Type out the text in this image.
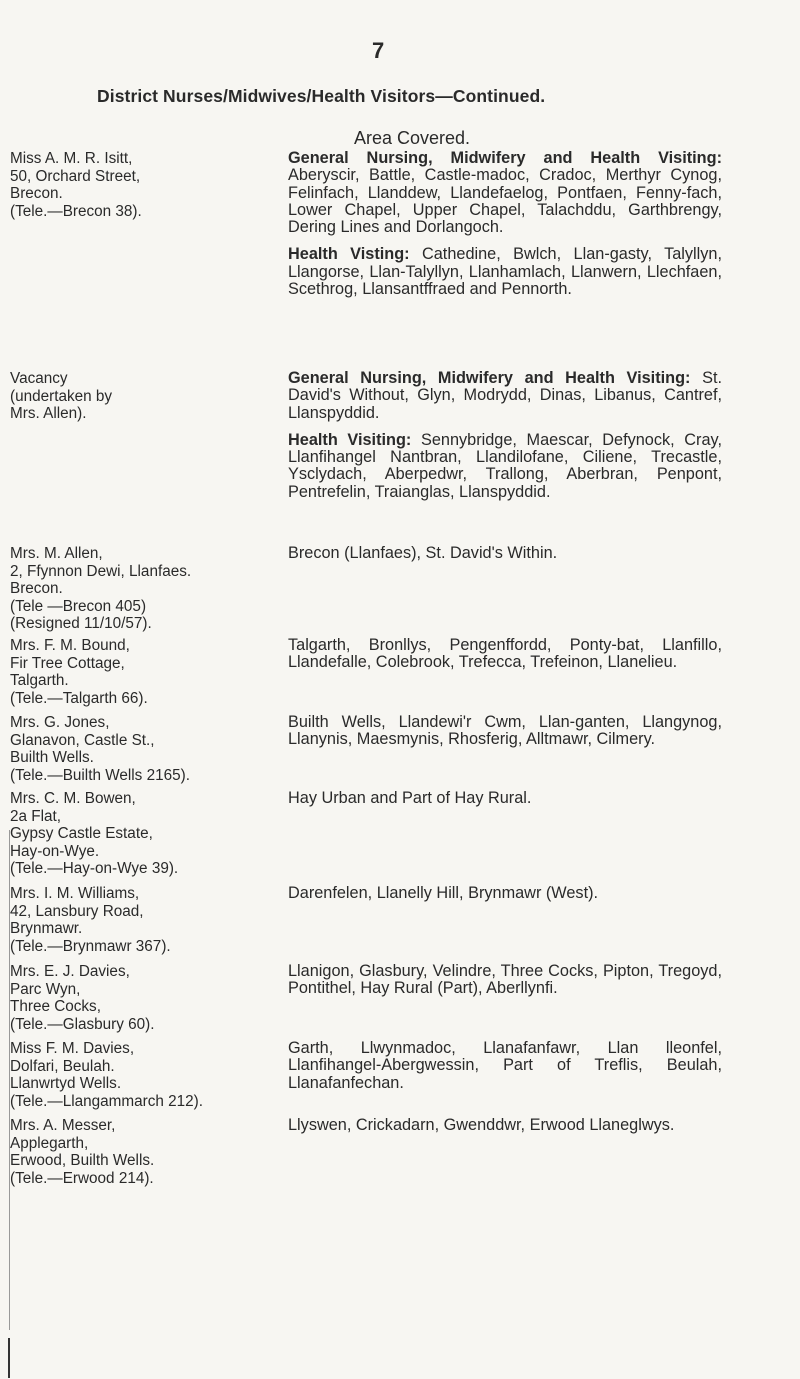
7
District Nurses/Midwives/Health Visitors—Continued.
Area Covered.
Miss A. M. R. Isitt,
50, Orchard Street,
Brecon.
(Tele.—Brecon 38).

General Nursing, Midwifery and Health Visiting: Aberyscir, Battle, Castle-madoc, Cradoc, Merthyr Cynog, Felinfach, Llanddew, Llandefaelog, Pontfaen, Fenny-fach, Lower Chapel, Upper Chapel, Talachddu, Garthbrengy, Dering Lines and Dorlangoch.

Health Visting: Cathedine, Bwlch, Llan-gasty, Talyllyn, Llangorse, Llan-Talyllyn, Llanhamlach, Llanwern, Llechfaen, Scethrog, Llansantffraed and Pennorth.

Vacancy
(undertaken by
Mrs. Allen).

General Nursing, Midwifery and Health Visiting: St. David's Without, Glyn, Modrydd, Dinas, Libanus, Cantref, Llanspyddid.

Health Visiting: Sennybridge, Maescar, Defynock, Cray, Llanfihangel Nantbran, Llandilofane, Ciliene, Trecastle, Ysclydach, Aberpedwr, Trallong, Aberbran, Penpont, Pentrefelin, Traianglas, Llanspyddid.

Mrs. M. Allen,
2, Ffynnon Dewi, Llanfaes.
Brecon.
(Tele —Brecon 405)
(Resigned 11/10/57).

Brecon (Llanfaes), St. David's Within.

Mrs. F. M. Bound,
Fir Tree Cottage,
Talgarth.
(Tele.—Talgarth 66).

Talgarth, Bronllys, Pengenffordd, Ponty-bat, Llanfillo, Llandefalle, Colebrook, Trefecca, Trefeinon, Llanelieu.

Mrs. G. Jones,
Glanavon, Castle St.,
Builth Wells.
(Tele.—Builth Wells 2165).

Builth Wells, Llandewi'r Cwm, Llan-ganten, Llangynog, Llanynis, Maesmynis, Rhosferig, Alltmawr, Cilmery.

Mrs. C. M. Bowen,
2a Flat,
Gypsy Castle Estate,
Hay-on-Wye.
(Tele.—Hay-on-Wye 39).

Hay Urban and Part of Hay Rural.

Mrs. I. M. Williams,
42, Lansbury Road,
Brynmawr.
(Tele.—Brynmawr 367).

Darenfelen, Llanelly Hill, Brynmawr (West).

Mrs. E. J. Davies,
Parc Wyn,
Three Cocks,
(Tele.—Glasbury 60).

Llanigon, Glasbury, Velindre, Three Cocks, Pipton, Tregoyd, Pontithel, Hay Rural (Part), Aberllynfi.

Miss F. M. Davies,
Dolfari, Beulah.
Llanwrtyd Wells.
(Tele.—Llangammarch 212).

Garth, Llwynmadoc, Llanafanfawr, Llan lleonfel, Llanfihangel-Abergwessin, Part of Treflis, Beulah, Llanafanfechan.

Mrs. A. Messer,
Applegarth,
Erwood, Builth Wells.
(Tele.—Erwood 214).

Llyswen, Crickadarn, Gwenddwr, Erwood Llaneglwys.
